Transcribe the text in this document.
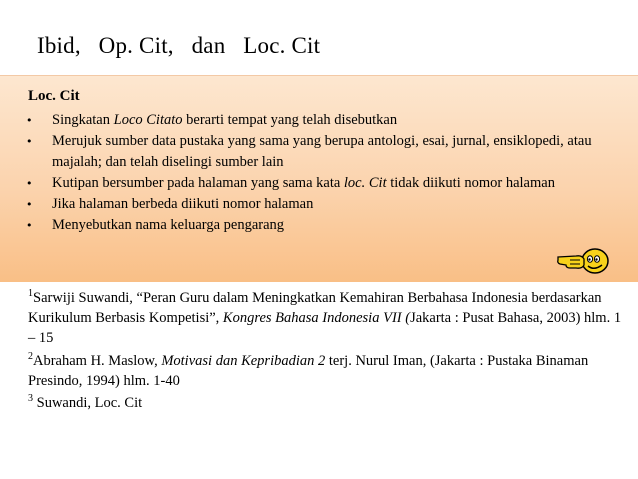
Ibid,   Op. Cit,   dan   Loc. Cit
Loc. Cit
• Singkatan Loco Citato berarti tempat yang telah disebutkan
• Merujuk sumber data pustaka yang sama yang berupa antologi, esai, jurnal, ensiklopedi, atau majalah; dan telah diselingi sumber lain
• Kutipan bersumber pada halaman yang sama kata loc. Cit tidak diikuti nomor halaman
• Jika halaman berbeda diikuti nomor halaman
• Menyebutkan nama keluarga pengarang
$^1$Sarwiji Suwandi, “Peran Guru dalam Meningkatkan Kemahiran Berbahasa Indonesia berdasarkan Kurikulum Berbasis Kompetisi”, Kongres Bahasa Indonesia VII (Jakarta : Pusat Bahasa, 2003) hlm. 1 – 15
$^2$Abraham H. Maslow, Motivasi dan Kepribadian 2 terj. Nurul Iman, (Jakarta : Pustaka Binaman Presindo, 1994) hlm. 1-40
$^3$ Suwandi, Loc. Cit
